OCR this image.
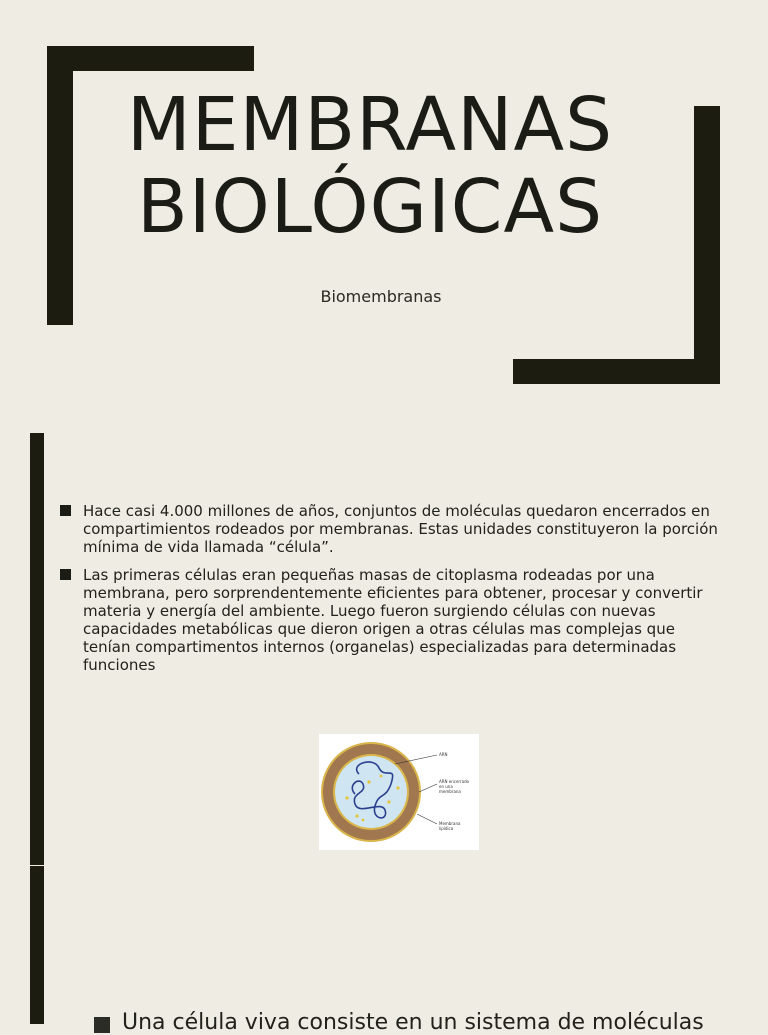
MEMBRANAS
BIOLÓGICAS
Biomembranas
Hace casi 4.000 millones de años, conjuntos de moléculas quedaron encerrados en compartimientos rodeados por membranas. Estas unidades constituyeron la porción mínima de vida llamada “célula”.
Las primeras células eran pequeñas masas de citoplasma rodeadas por una membrana, pero sorprendentemente eficientes para obtener, procesar y convertir materia y energía del ambiente. Luego fueron surgiendo células con nuevas capacidades metabólicas que dieron origen a otras células mas complejas que tenían compartimentos internos (organelas) especializadas para determinadas funciones
ARN
ARN encerrado
en una
membrana
Membrana
lipídica
Una célula viva consiste en un sistema de moléculas
